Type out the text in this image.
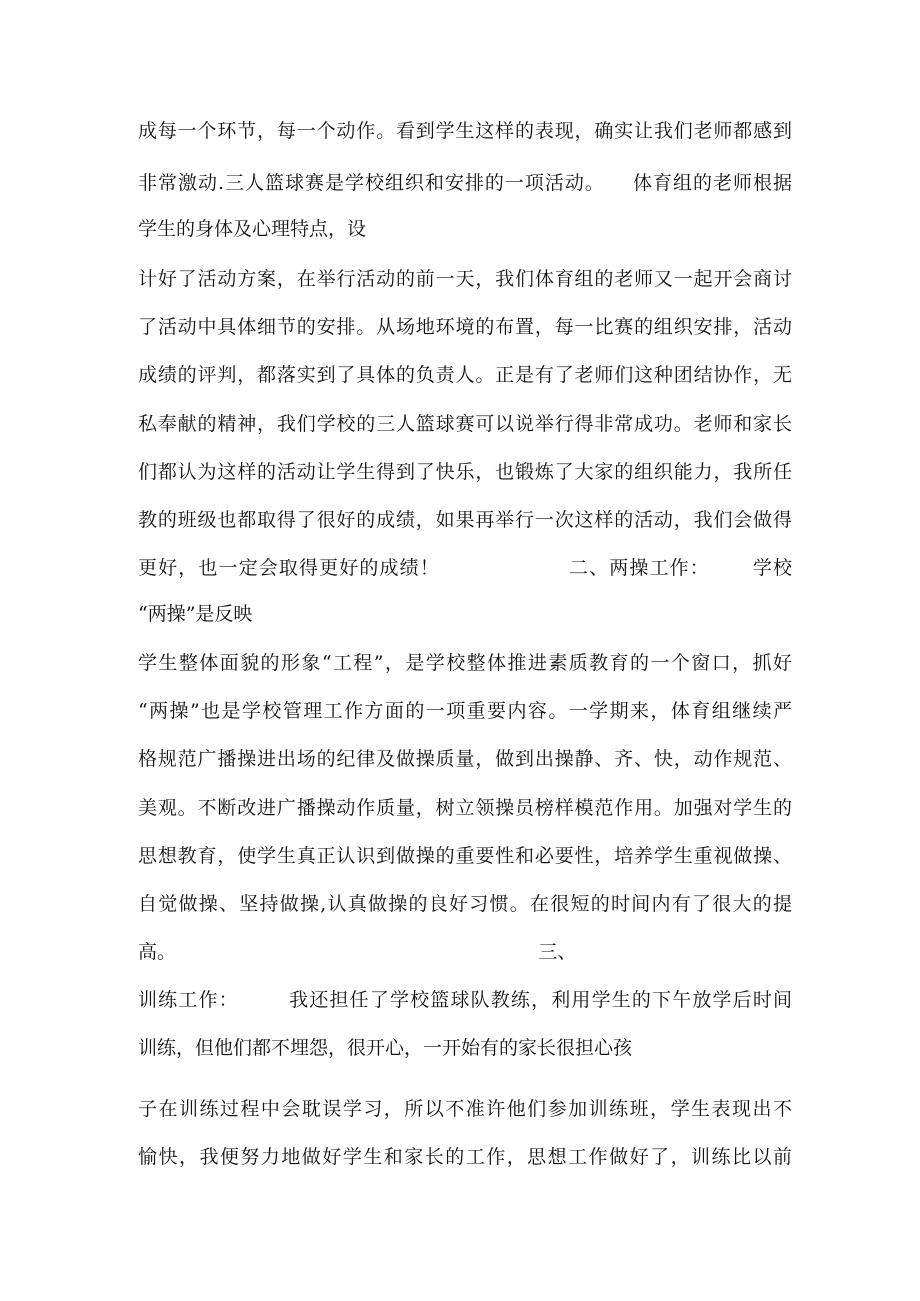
成每一个环节，每一个动作。看到学生这样的表现，确实让我们老师都感到
非常激动.三人篮球赛是学校组织和安排的一项活动。    体育组的老师根据
学生的身体及心理特点，设
计好了活动方案，在举行活动的前一天，我们体育组的老师又一起开会商讨
了活动中具体细节的安排。从场地环境的布置，每一比赛的组织安排，活动
成绩的评判，都落实到了具体的负责人。正是有了老师们这种团结协作，无
私奉献的精神，我们学校的三人篮球赛可以说举行得非常成功。老师和家长
们都认为这样的活动让学生得到了快乐，也锻炼了大家的组织能力，我所任
教的班级也都取得了很好的成绩，如果再举行一次这样的活动，我们会做得
更好，也一定会取得更好的成绩！                  二、两操工作：      学校
“两操”是反映
学生整体面貌的形象“工程”，是学校整体推进素质教育的一个窗口，抓好
“两操”也是学校管理工作方面的一项重要内容。一学期来，体育组继续严
格规范广播操进出场的纪律及做操质量，做到出操静、齐、快，动作规范、
美观。不断改进广播操动作质量，树立领操员榜样模范作用。加强对学生的
思想教育，使学生真正认识到做操的重要性和必要性，培养学生重视做操、
自觉做操、坚持做操,认真做操的良好习惯。在很短的时间内有了很大的提
高。                                                            三、
训练工作：       我还担任了学校篮球队教练，利用学生的下午放学后时间
训练，但他们都不埋怨，很开心，一开始有的家长很担心孩
子在训练过程中会耽误学习，所以不准许他们参加训练班，学生表现出不
愉快，我便努力地做好学生和家长的工作，思想工作做好了，训练比以前
